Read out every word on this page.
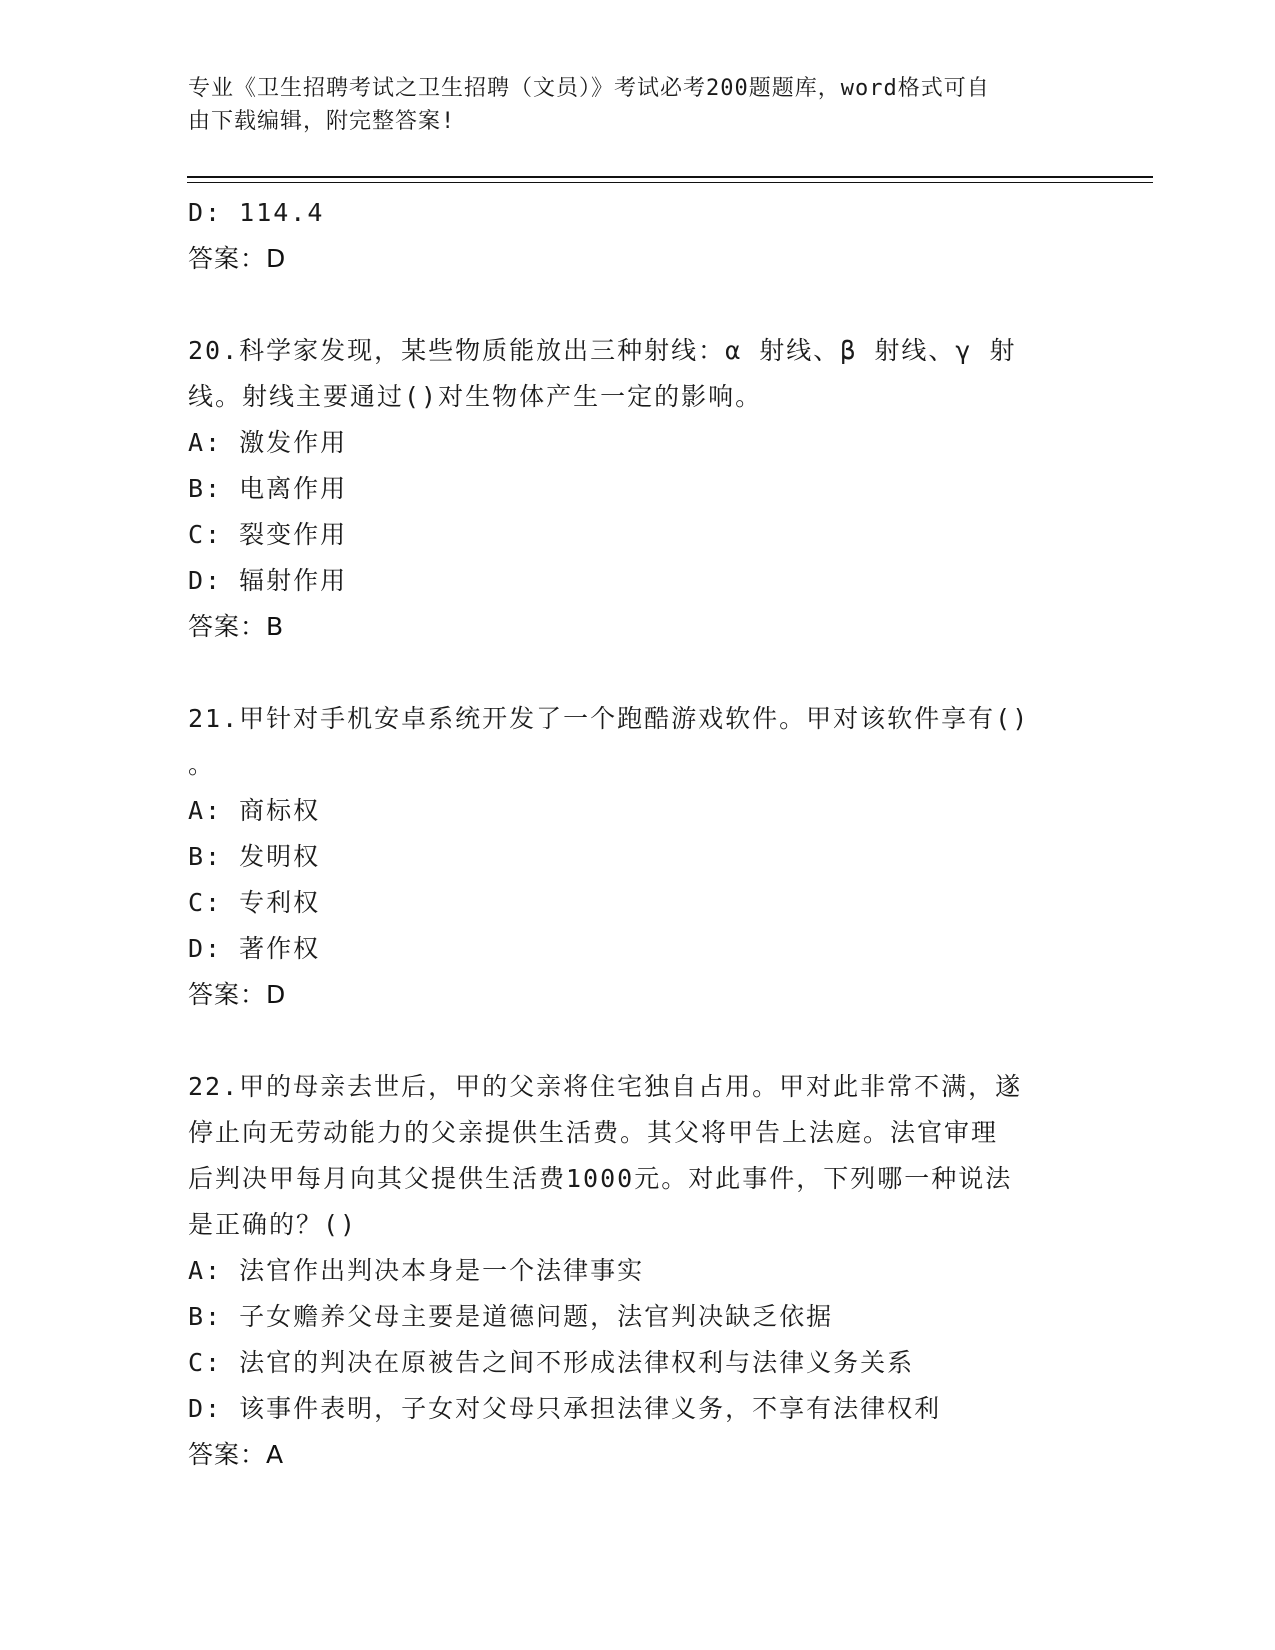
专业《卫生招聘考试之卫生招聘（文员）》考试必考200题题库，word格式可自
由下载编辑，附完整答案!
D: 114.4
答案：D
20.科学家发现，某些物质能放出三种射线：α 射线、β 射线、γ 射
线。射线主要通过()对生物体产生一定的影响。
A: 激发作用
B: 电离作用
C: 裂变作用
D: 辐射作用
答案：B
21.甲针对手机安卓系统开发了一个跑酷游戏软件。甲对该软件享有()
。
A: 商标权
B: 发明权
C: 专利权
D: 著作权
答案：D
22.甲的母亲去世后，甲的父亲将住宅独自占用。甲对此非常不满，遂
停止向无劳动能力的父亲提供生活费。其父将甲告上法庭。法官审理
后判决甲每月向其父提供生活费1000元。对此事件，下列哪一种说法
是正确的？()
A: 法官作出判决本身是一个法律事实
B: 子女赡养父母主要是道德问题，法官判决缺乏依据
C: 法官的判决在原被告之间不形成法律权利与法律义务关系
D: 该事件表明，子女对父母只承担法律义务，不享有法律权利
答案：A
